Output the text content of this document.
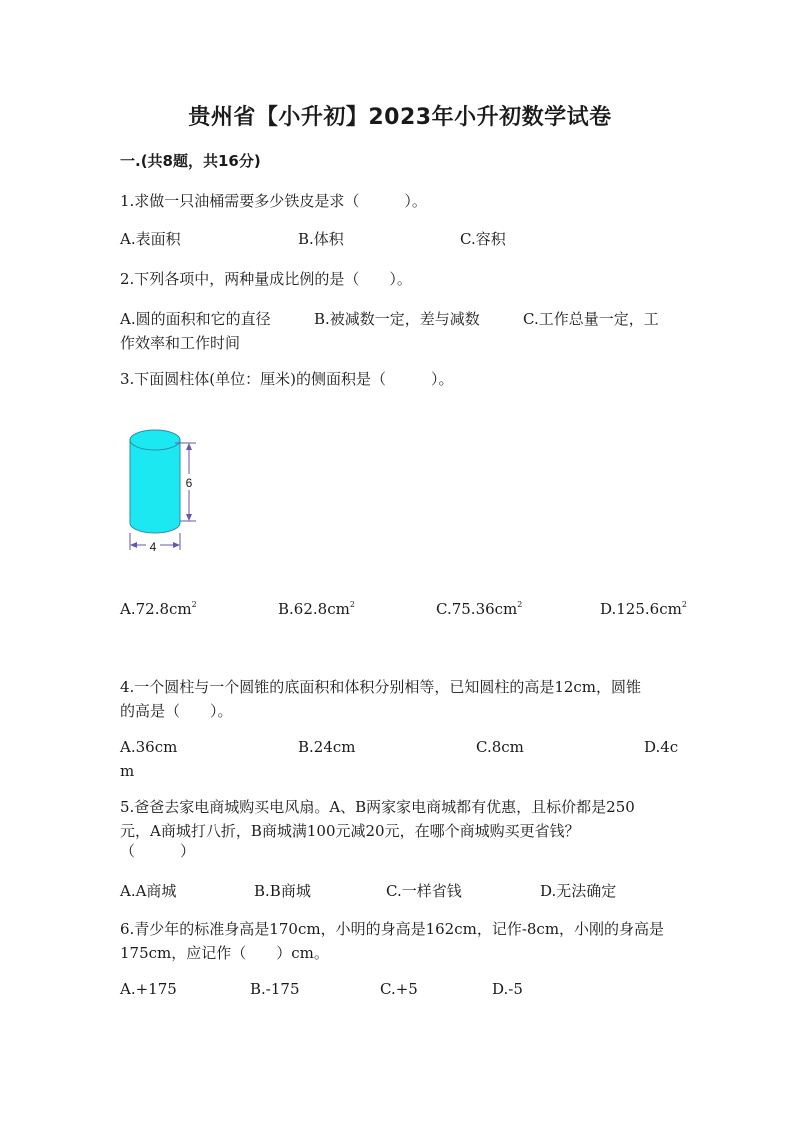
贵州省【小升初】2023年小升初数学试卷
一.(共8题，共16分)
1.求做一只油桶需要多少铁皮是求（　　　）。
A.表面积	B.体积	C.容积
2.下列各项中，两种量成比例的是（　　）。
A.圆的面积和它的直径	B.被减数一定，差与减数	C.工作总量一定，工
作效率和工作时间
3.下面圆柱体(单位：厘米)的侧面积是（　　　）。
6
4
$A.72.8cm^2$	$B.62.8cm^2$	$C.75.36cm^2$	$D.125.6cm^2$
4.一个圆柱与一个圆锥的底面积和体积分别相等，已知圆柱的高是12cm，圆锥
的高是（　　）。
A.36cm	B.24cm	C.8cm	D.4c
m
5.爸爸去家电商城购买电风扇。A、B两家家电商城都有优惠，且标价都是250
元，A商城打八折，B商城满100元减20元，在哪个商城购买更省钱？
（　　　）
A.A商城	B.B商城	C.一样省钱	D.无法确定
6.青少年的标准身高是170cm，小明的身高是162cm，记作-8cm，小刚的身高是
175cm，应记作（　　）cm。
A.+175	B.-175	C.+5	D.-5
